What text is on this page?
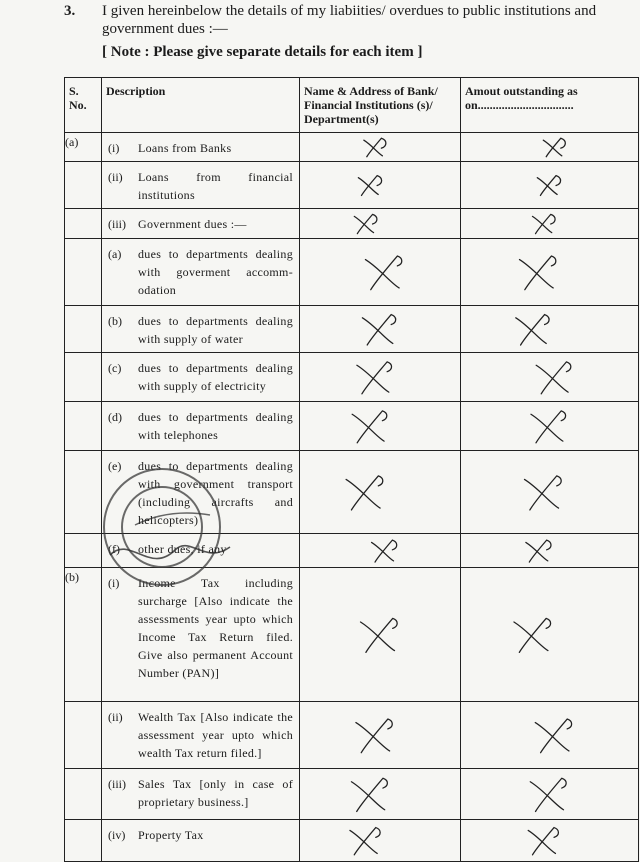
3. I given hereinbelow the details of my liabiities/ overdues to public institutions and government dues :—
[ Note : Please give separate details for each item ]
S. No.	Description	Name & Address of Bank/ Financial Institutions (s)/ Department(s)	Amout outstanding as on................................
(a)	(i) Loans from Banks

	(ii) Loans from financial institutions

	(iii) Government dues :—

	(a) dues to departments dealing with goverment accomm-odation

	(b) dues to departments dealing with supply of water

	(c) dues to departments dealing with supply of electricity

	(d) dues to departments dealing with telephones

	(e) dues to departments dealing with government transport (including aircrafts and helicopters)

	(f) other dues, if any

(b)	(i) Income Tax including surcharge [Also indicate the assessments year upto which Income Tax Return filed. Give also permanent Account Number (PAN)]

	(ii) Wealth Tax [Also indicate the assessment year upto which wealth Tax return filed.]

	(iii) Sales Tax [only in case of proprietary business.]

	(iv) Property Tax
